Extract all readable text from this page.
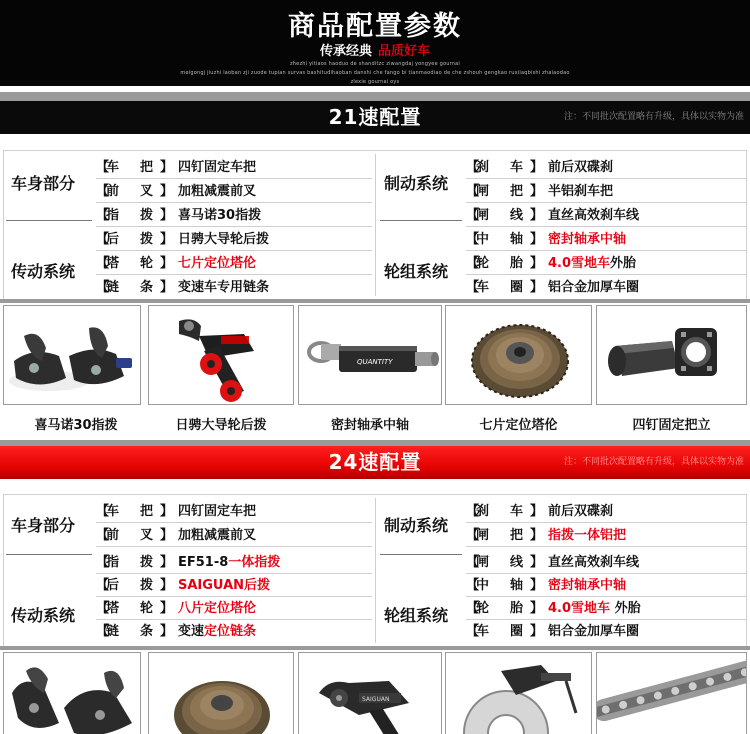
商品配置参数
传承经典 品质好车
zhezhi yitiaos haoduo de shanditzc ziwangdaj yongyee gournai
meigongj jiuzhi laoban zji zuode tupian survas bashitudihaoban danshi che fango bi tianmaodiao de che zshouh gengkao ruxiiaqbishi zhaiaodao
zlexie gournai oys
21速配置	注：不同批次配置略有升级，具体以实物为准
车身部分
传动系统
制动系统
轮组系统
【
车 把 】 四钉固定车把
【
前 叉 】 加粗减震前叉
【
指 拨 】 喜马诺30指拨
【
后 拨 】 日骋大导轮后拨
【
塔 轮 】 七片定位塔伦
【
链 条 】 变速车专用链条
【
刹 车 】 前后双碟刹
【
闸 把 】 半铝刹车把
【
闸 线 】 直丝高效刹车线
【
中 轴 】 密封轴承中轴
【
轮 胎 】 4.0雪地车外胎
【
车 圈 】 铝合金加厚车圈
喜马诺30指拨	日骋大导轮后拨
QUANTITY
密封轴承中轴	七片定位塔伦	四钉固定把立
24速配置	注：不同批次配置略有升级，具体以实物为准
车身部分
传动系统
制动系统
轮组系统
【
车 把 】 四钉固定车把
【
前 叉 】 加粗减震前叉
【
指 拨 】 EF51-8一体指拨
【
后 拨 】 SAIGUAN后拨
【
塔 轮 】 八片定位塔伦
【
链 条 】 变速定位链条
【
刹 车 】 前后双碟刹
【
闸 把 】 指拨一体铝把
【
闸 线 】 直丝高效刹车线
【
中 轴 】 密封轴承中轴
【
轮 胎 】 4.0雪地车 外胎
【
车 圈 】 铝合金加厚车圈
SAIGUAN
